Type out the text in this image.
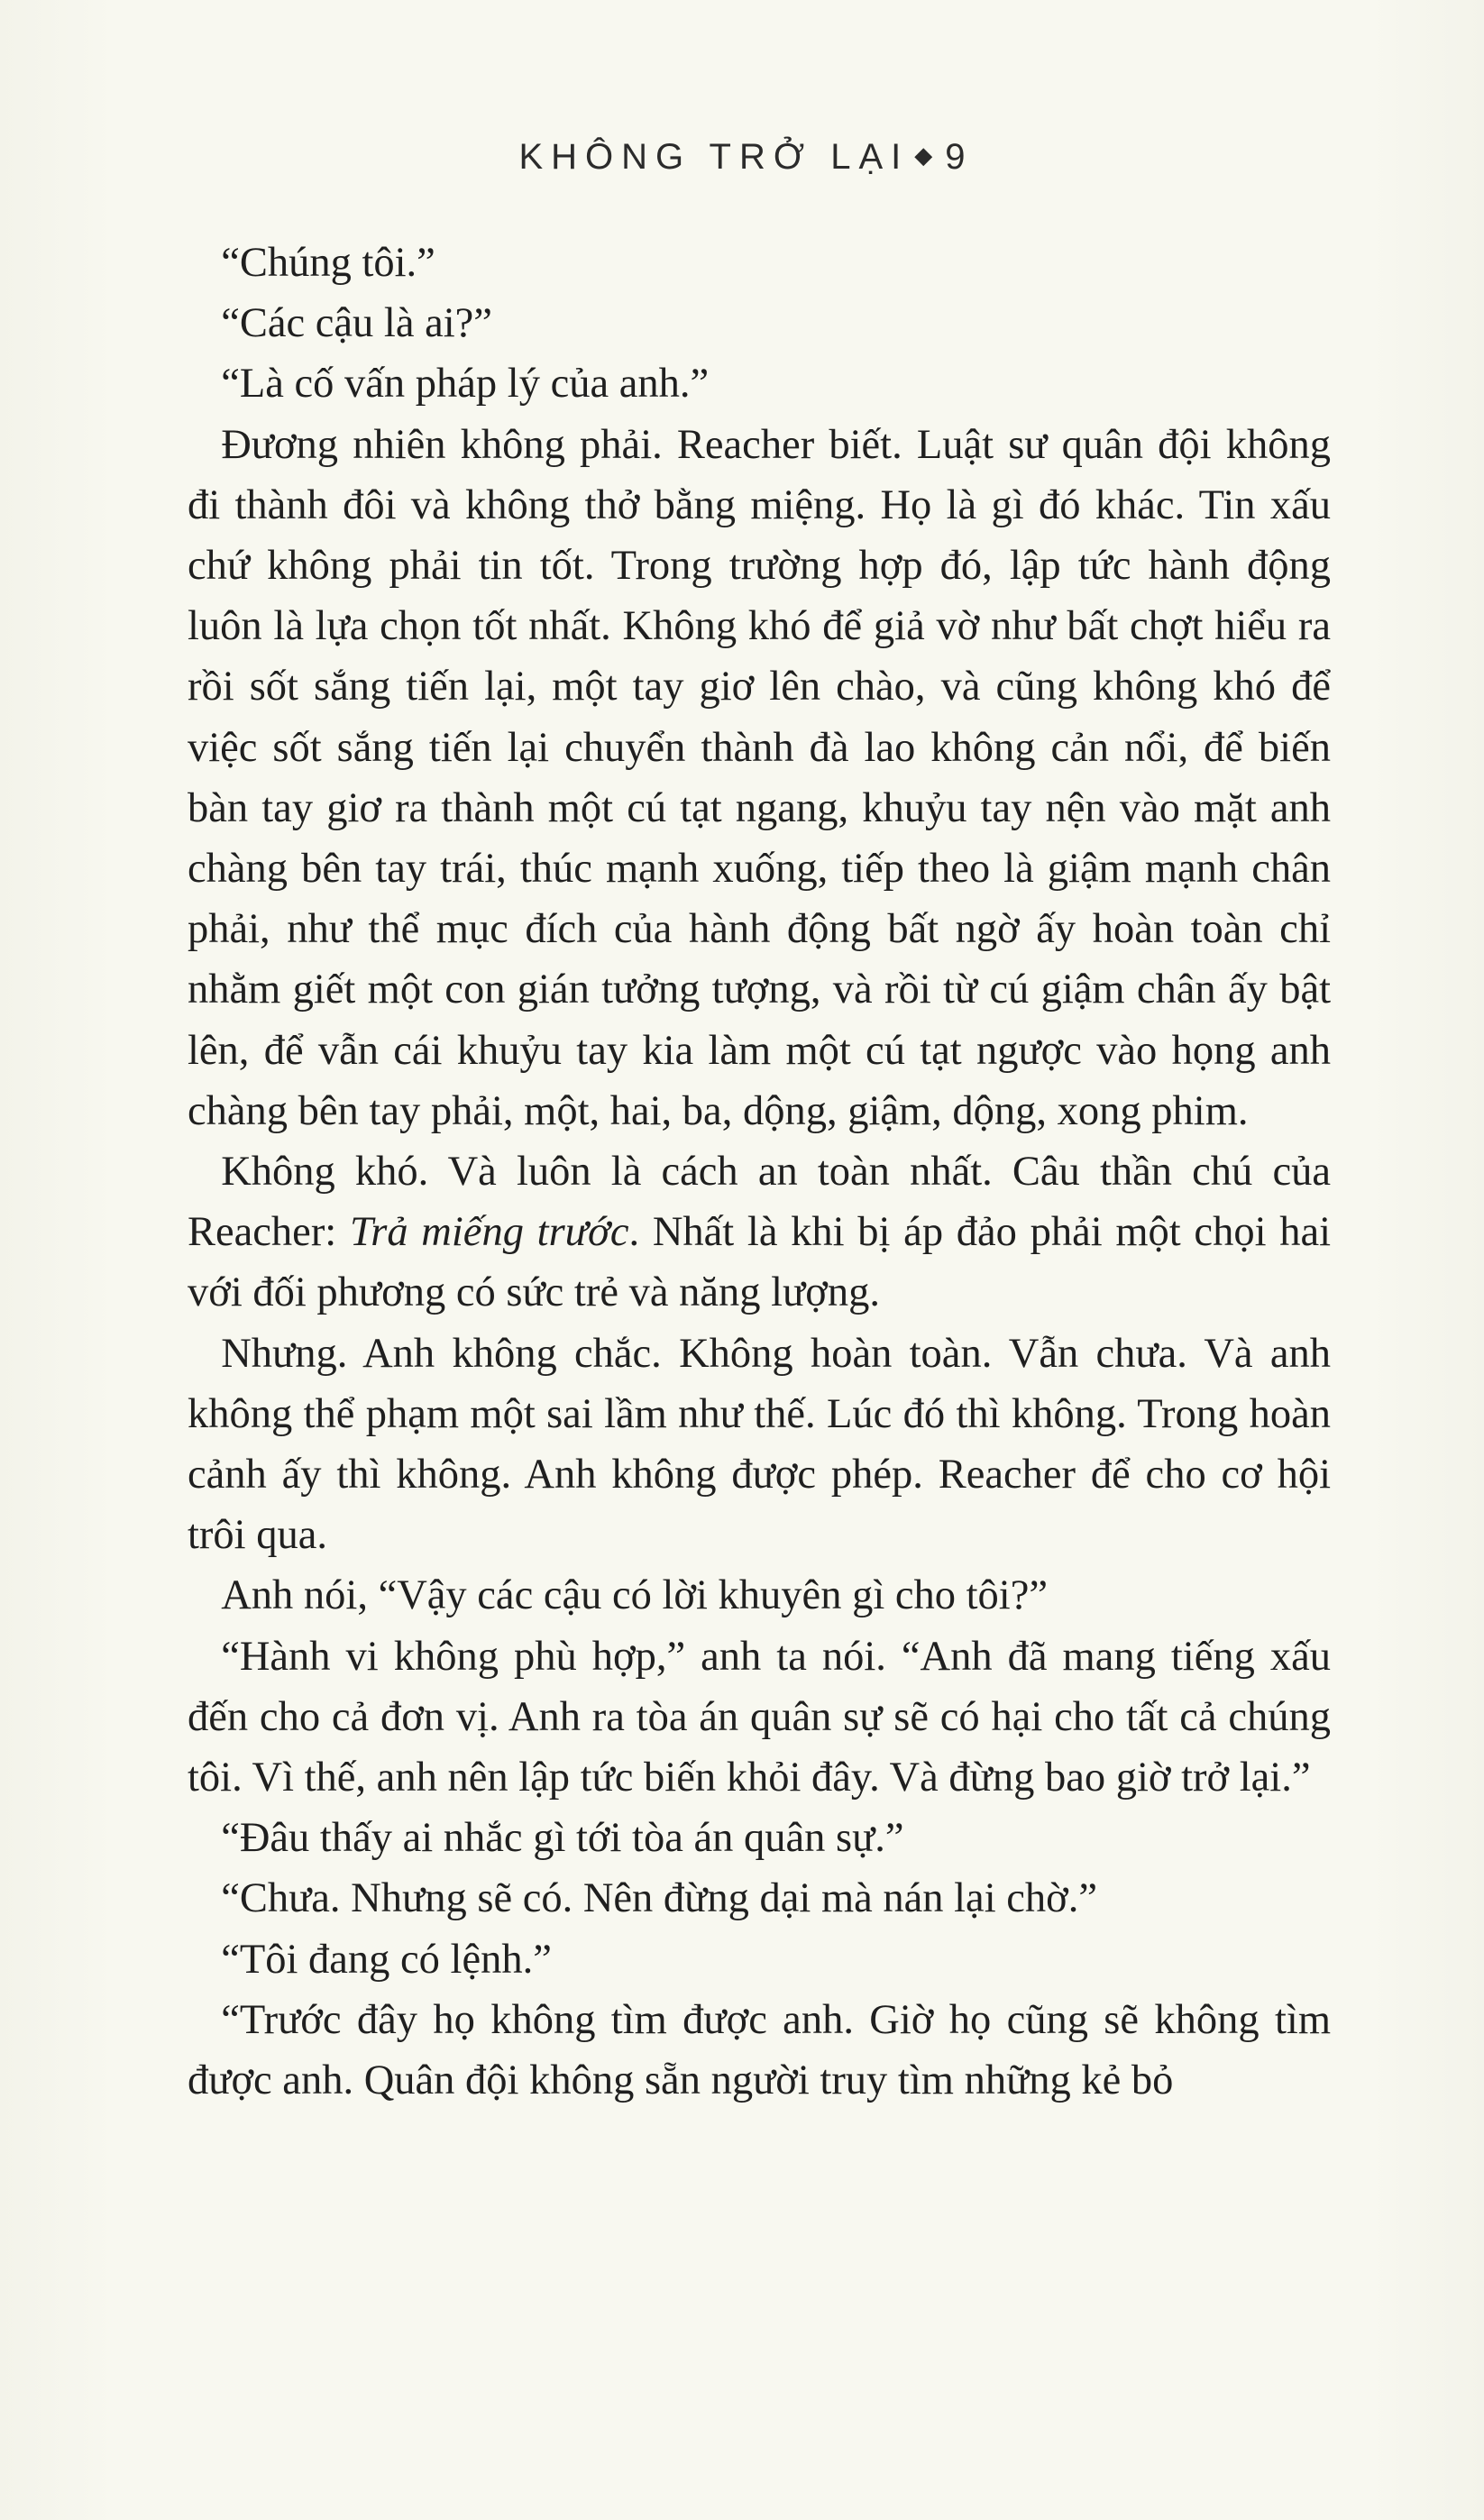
KHÔNG TRỞ LẠI ◆ 9

“Chúng tôi.”

“Các cậu là ai?”

“Là cố vấn pháp lý của anh.”

Đương nhiên không phải. Reacher biết. Luật sư quân đội không đi thành đôi và không thở bằng miệng. Họ là gì đó khác. Tin xấu chứ không phải tin tốt. Trong trường hợp đó, lập tức hành động luôn là lựa chọn tốt nhất. Không khó để giả vờ như bất chợt hiểu ra rồi sốt sắng tiến lại, một tay giơ lên chào, và cũng không khó để việc sốt sắng tiến lại chuyển thành đà lao không cản nổi, để biến bàn tay giơ ra thành một cú tạt ngang, khuỷu tay nện vào mặt anh chàng bên tay trái, thúc mạnh xuống, tiếp theo là giậm mạnh chân phải, như thể mục đích của hành động bất ngờ ấy hoàn toàn chỉ nhằm giết một con gián tưởng tượng, và rồi từ cú giậm chân ấy bật lên, để vẫn cái khuỷu tay kia làm một cú tạt ngược vào họng anh chàng bên tay phải, một, hai, ba, dộng, giậm, dộng, xong phim.

Không khó. Và luôn là cách an toàn nhất. Câu thần chú của Reacher: Trả miếng trước. Nhất là khi bị áp đảo phải một chọi hai với đối phương có sức trẻ và năng lượng.

Nhưng. Anh không chắc. Không hoàn toàn. Vẫn chưa. Và anh không thể phạm một sai lầm như thế. Lúc đó thì không. Trong hoàn cảnh ấy thì không. Anh không được phép. Reacher để cho cơ hội trôi qua.

Anh nói, “Vậy các cậu có lời khuyên gì cho tôi?”

“Hành vi không phù hợp,” anh ta nói. “Anh đã mang tiếng xấu đến cho cả đơn vị. Anh ra tòa án quân sự sẽ có hại cho tất cả chúng tôi. Vì thế, anh nên lập tức biến khỏi đây. Và đừng bao giờ trở lại.”

“Đâu thấy ai nhắc gì tới tòa án quân sự.”

“Chưa. Nhưng sẽ có. Nên đừng dại mà nán lại chờ.”

“Tôi đang có lệnh.”

“Trước đây họ không tìm được anh. Giờ họ cũng sẽ không tìm được anh. Quân đội không sẵn người truy tìm những kẻ bỏ
